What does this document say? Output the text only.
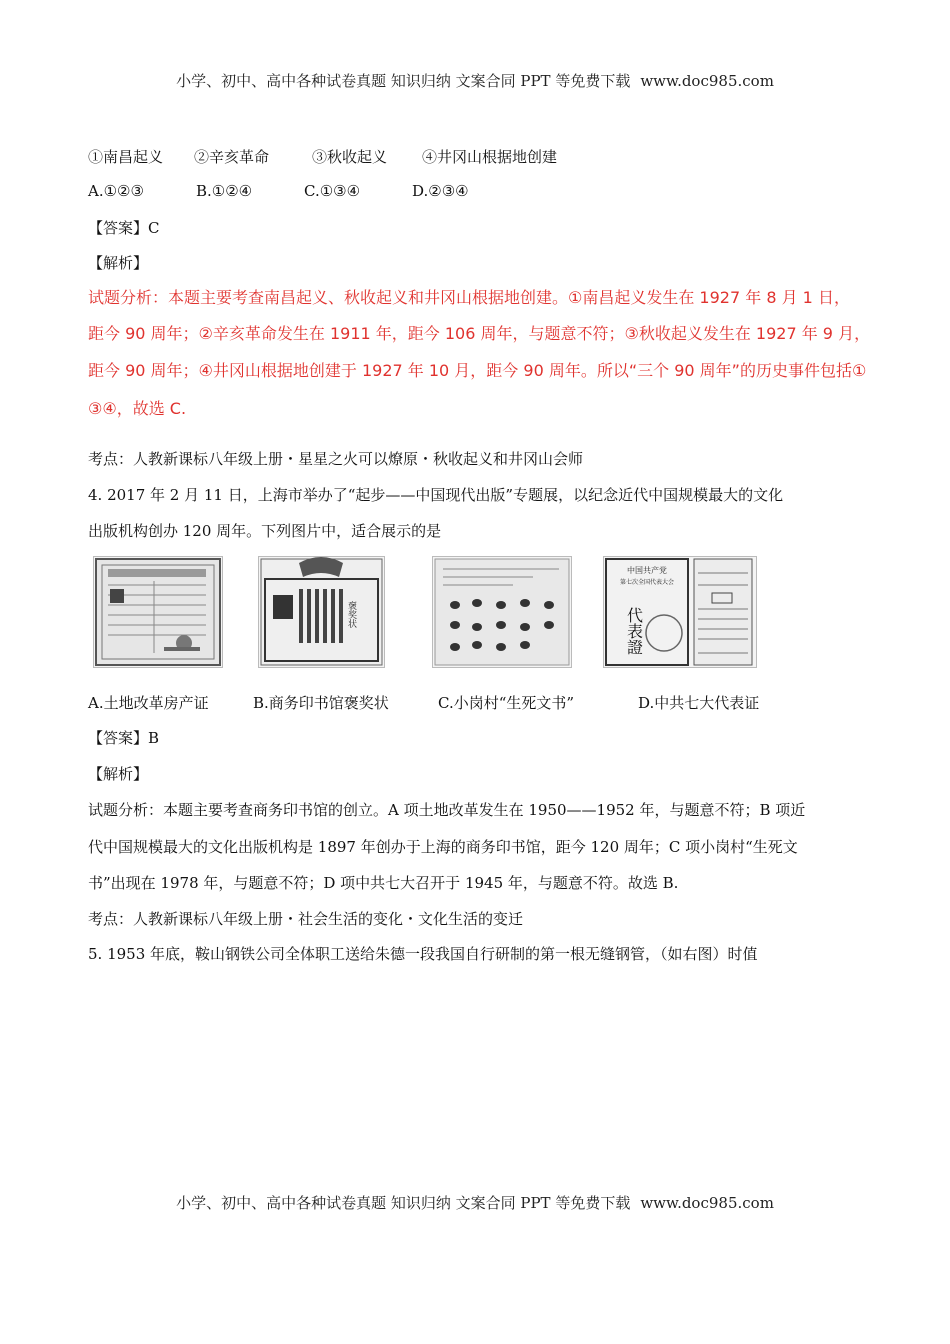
小学、初中、高中各种试卷真题 知识归纳 文案合同 PPT 等免费下载 www.doc985.com
①南昌起义 ②辛亥革命	③秋收起义 ④井冈山根据地创建
A.①②③	B.①②④	C.①③④	D.②③④
【答案】C
【解析】
试题分析：本题主要考查南昌起义、秋收起义和井冈山根据地创建。①南昌起义发生在 1927 年 8 月 1 日，
距今 90 周年；②辛亥革命发生在 1911 年，距今 106 周年，与题意不符；③秋收起义发生在 1927 年 9 月，
距今 90 周年；④井冈山根据地创建于 1927 年 10 月，距今 90 周年。所以“三个 90 周年”的历史事件包括①
③④，故选 C.
考点：人教新课标八年级上册・星星之火可以燎原・秋收起义和井冈山会师
4. 2017 年 2 月 11 日，上海市举办了“起步——中国现代出版”专题展，以纪念近代中国规模最大的文化
出版机构创办 120 周年。下列图片中，适合展示的是
褒奖状
中国共产党
第七次全国代表大会
代表證
A.土地改革房产证	B.商务印书馆褒奖状	C.小岗村“生死文书”	D.中共七大代表证
【答案】B
【解析】
试题分析：本题主要考查商务印书馆的创立。A 项土地改革发生在 1950——1952 年，与题意不符；B 项近
代中国规模最大的文化出版机构是 1897 年创办于上海的商务印书馆，距今 120 周年；C 项小岗村“生死文
书”出现在 1978 年，与题意不符；D 项中共七大召开于 1945 年，与题意不符。故选 B.
考点：人教新课标八年级上册・社会生活的变化・文化生活的变迁
5. 1953 年底，鞍山钢铁公司全体职工送给朱德一段我国自行研制的第一根无缝钢管，（如右图）时值
小学、初中、高中各种试卷真题 知识归纳 文案合同 PPT 等免费下载 www.doc985.com
